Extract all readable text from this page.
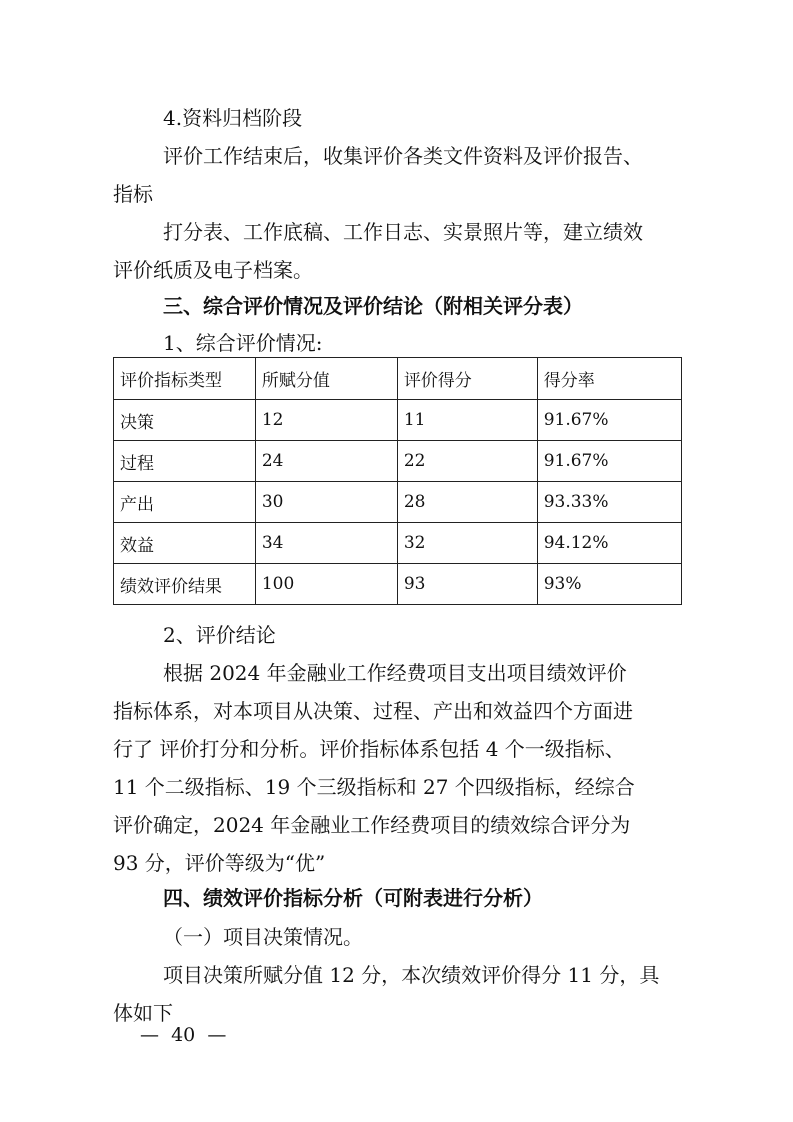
4.资料归档阶段
评价工作结束后，收集评价各类文件资料及评价报告、
指标
打分表、工作底稿、工作日志、实景照片等，建立绩效
评价纸质及电子档案。
三、综合评价情况及评价结论（附相关评分表）
1、综合评价情况:
评价指标类型	所赋分值	评价得分	得分率
决策	12	11	91.67%
过程	24	22	91.67%
产出	30	28	93.33%
效益	34	32	94.12%
绩效评价结果	100	93	93%
2、评价结论
根据 2024 年金融业工作经费项目支出项目绩效评价
指标体系，对本项目从决策、过程、产出和效益四个方面进
行了 评价打分和分析。评价指标体系包括 4 个一级指标、
11 个二级指标、19 个三级指标和 27 个四级指标，经综合
评价确定，2024 年金融业工作经费项目的绩效综合评分为
93 分，评价等级为“优”
四、绩效评价指标分析（可附表进行分析）
（一）项目决策情况。
项目决策所赋分值 12 分，本次绩效评价得分 11 分，具
体如下
—  40  —
